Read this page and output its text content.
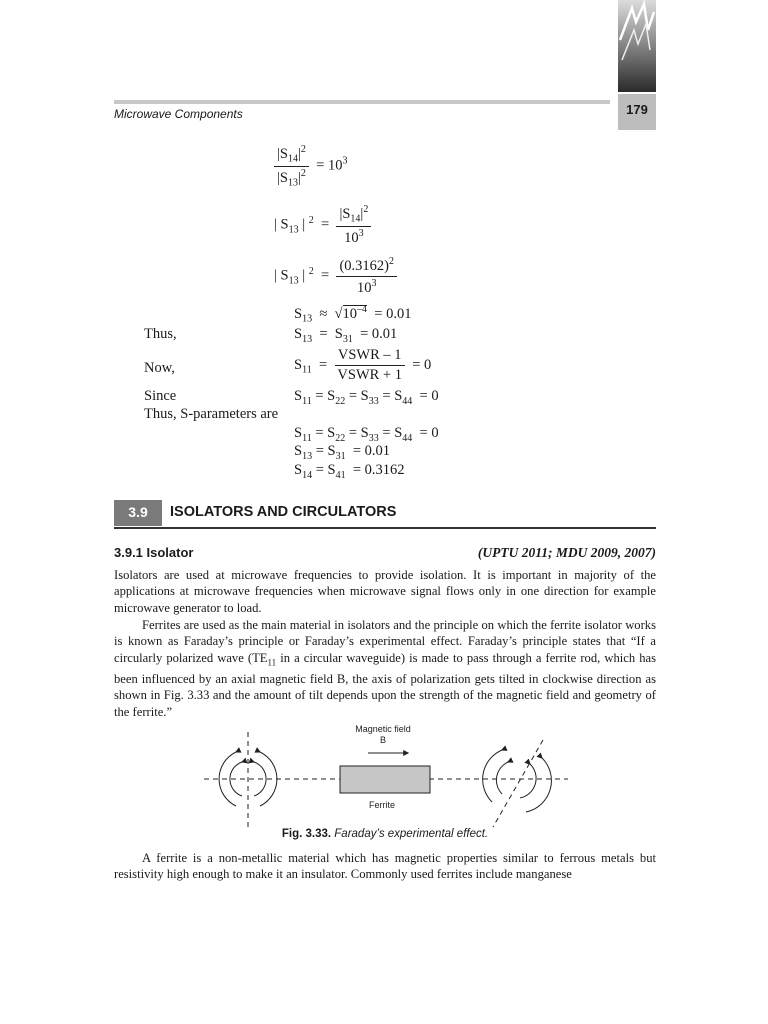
179
Microwave Components
$\frac{|S_{14}|^2}{|S_{13}|^2} = 10^3$
| $S_{13}$ | $^2 = \frac{|S_{14}|^2}{10^3}$
| $S_{13}$ | $^2 = \frac{(0.3162)^2}{10^3}$
$S_{13} \approx √10^{-4} = 0.01$
Thus,	$S_{13} = S_{31} = 0.01$
Now,	$S_{11} = \frac{\text{VSWR – 1}}{\text{VSWR + 1}} = 0$
Since	$S_{11} = S_{22} = S_{33} = S_{44} = 0$
Thus, S-parameters are
$S_{11} = S_{22} = S_{33} = S_{44} = 0$
$S_{13} = S_{31} = 0.01$
$S_{14} = S_{41} = 0.3162$
3.9	ISOLATORS AND CIRCULATORS
3.9.1 Isolator	(UPTU 2011; MDU 2009, 2007)
Isolators are used at microwave frequencies to provide isolation. It is important in majority of the applications at microwave frequencies when microwave signal flows only in one direction for example microwave generator to load.
Ferrites are used as the main material in isolators and the principle on which the ferrite isolator works is known as Faraday’s principle or Faraday’s experimental effect. Faraday’s principle states that “If a circularly polarized wave ($TE_{11}$ in a circular waveguide) is made to pass through a ferrite rod, which has been influenced by an axial magnetic field B, the axis of polarization gets tilted in clockwise direction as shown in Fig. 3.33 and the amount of tilt depends upon the strength of the magnetic field and geometry of the ferrite.”
Magnetic field
B
Ferrite
Fig. 3.33. Faraday’s experimental effect.
A ferrite is a non-metallic material which has magnetic properties similar to ferrous metals but resistivity high enough to make it an insulator. Commonly used ferrites include manganese
